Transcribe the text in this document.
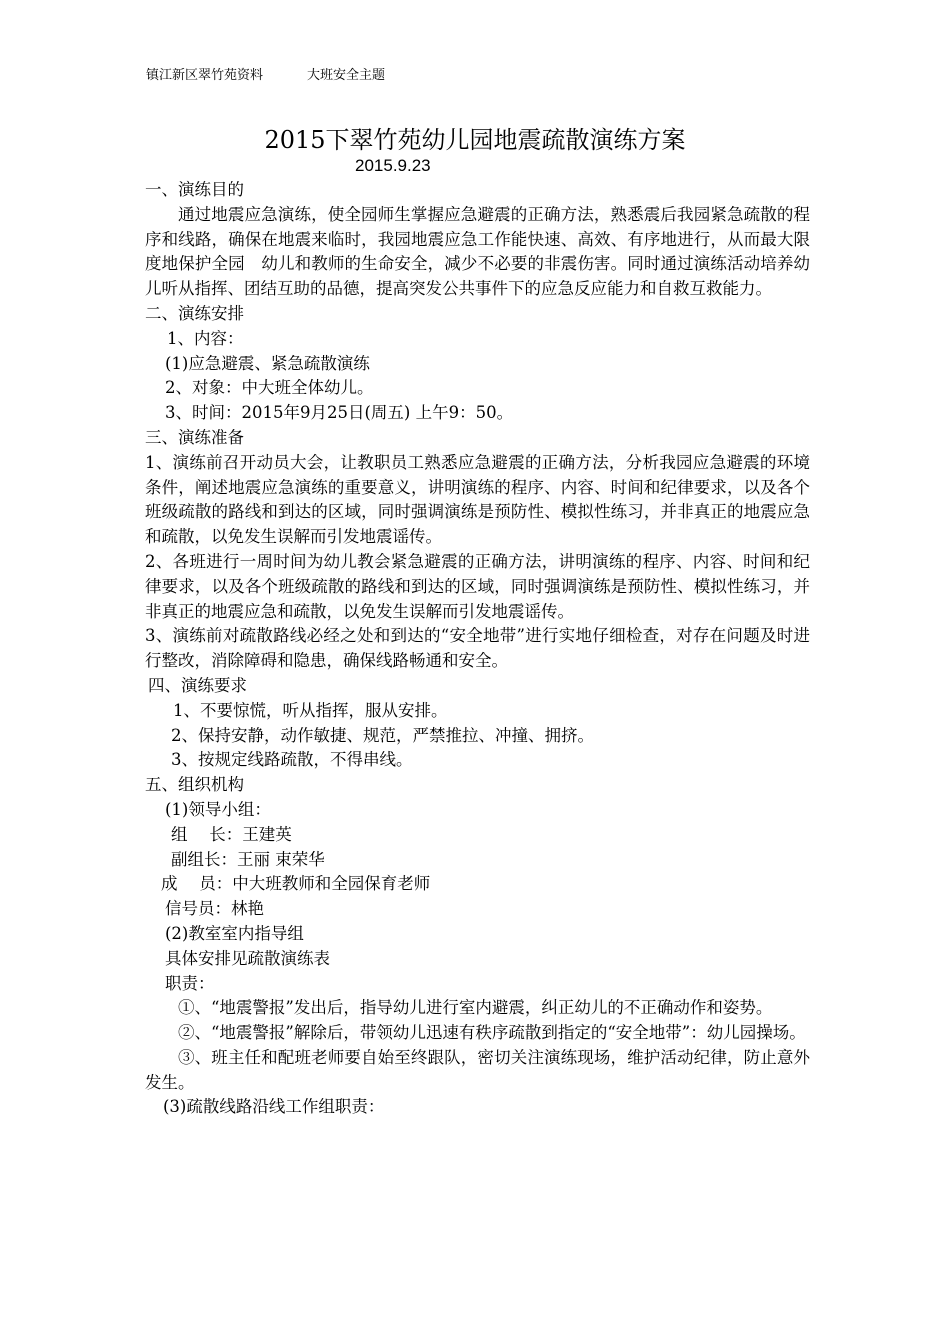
镇江新区翠竹苑资料	大班安全主题
2015下翠竹苑幼儿园地震疏散演练方案
2015.9.23

一、演练目的

通过地震应急演练，使全园师生掌握应急避震的正确方法，熟悉震后我园紧急疏散的程序和线路，确保在地震来临时，我园地震应急工作能快速、高效、有序地进行，从而最大限度地保护全园　幼儿和教师的生命安全，减少不必要的非震伤害。同时通过演练活动培养幼儿听从指挥、团结互助的品德，提高突发公共事件下的应急反应能力和自救互救能力。

二、演练安排

1、内容：

(1)应急避震、紧急疏散演练

2、对象：中大班全体幼儿。

3、时间：2015年9月25日(周五) 上午9：50。

三、演练准备

1、演练前召开动员大会，让教职员工熟悉应急避震的正确方法，分析我园应急避震的环境条件，阐述地震应急演练的重要意义，讲明演练的程序、内容、时间和纪律要求，以及各个班级疏散的路线和到达的区域，同时强调演练是预防性、模拟性练习，并非真正的地震应急和疏散，以免发生误解而引发地震谣传。

2、各班进行一周时间为幼儿教会紧急避震的正确方法，讲明演练的程序、内容、时间和纪律要求，以及各个班级疏散的路线和到达的区域，同时强调演练是预防性、模拟性练习，并非真正的地震应急和疏散，以免发生误解而引发地震谣传。

3、演练前对疏散路线必经之处和到达的“安全地带”进行实地仔细检查，对存在问题及时进行整改，消除障碍和隐患，确保线路畅通和安全。

四、演练要求

1、不要惊慌，听从指挥，服从安排。

2、保持安静，动作敏捷、规范，严禁推拉、冲撞、拥挤。

3、按规定线路疏散，不得串线。

五、组织机构

(1)领导小组：

组　 长：王建英

副组长：王丽 束荣华

成　 员：中大班教师和全园保育老师

信号员：林艳

(2)教室室内指导组

具体安排见疏散演练表

职责：

①、“地震警报”发出后，指导幼儿进行室内避震，纠正幼儿的不正确动作和姿势。

②、“地震警报”解除后，带领幼儿迅速有秩序疏散到指定的“安全地带”：幼儿园操场。

③、班主任和配班老师要自始至终跟队，密切关注演练现场，维护活动纪律，防止意外发生。

(3)疏散线路沿线工作组职责：
